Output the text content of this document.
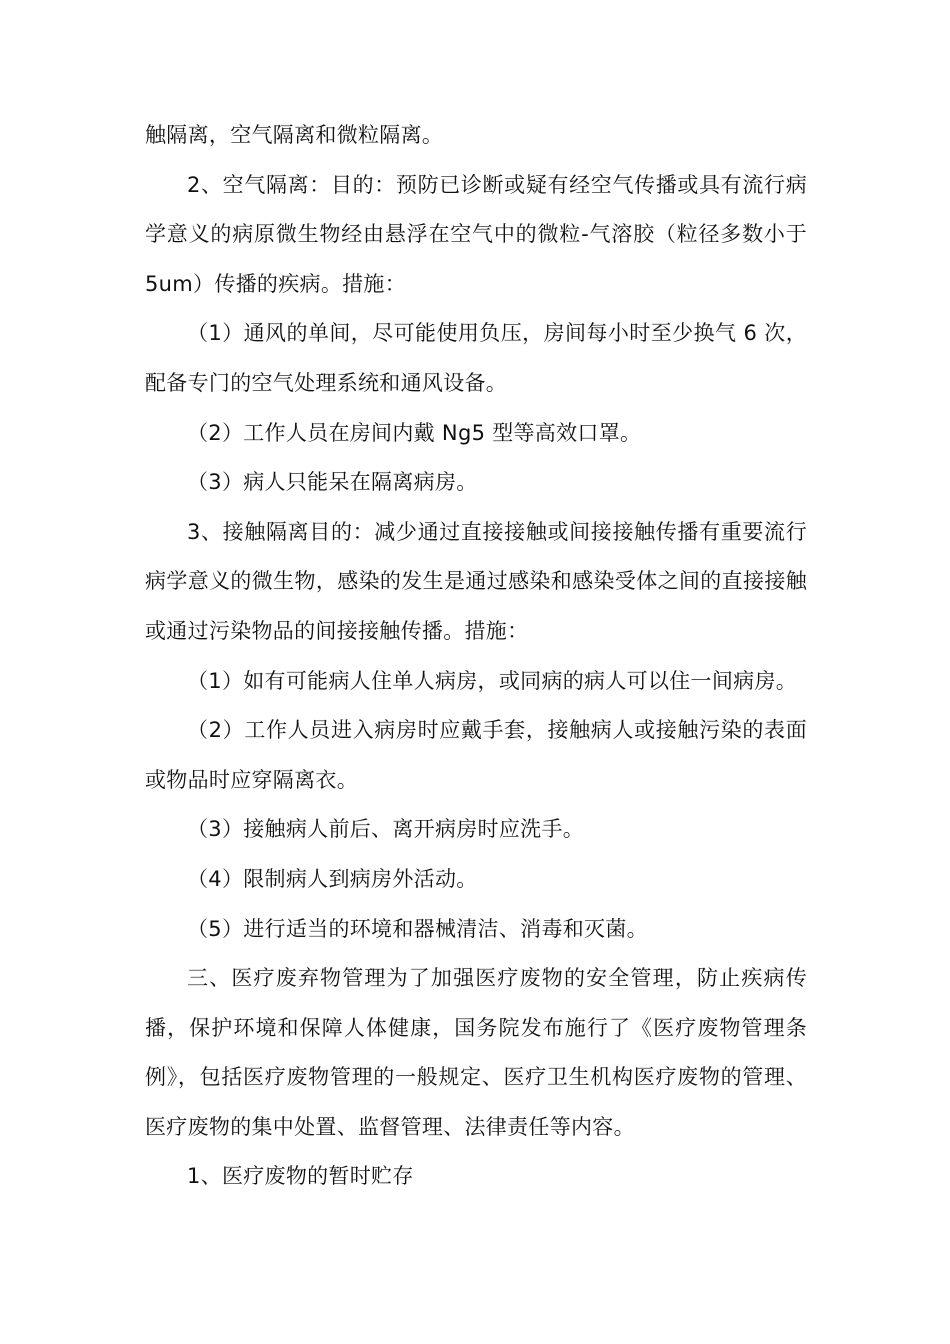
触隔离，空气隔离和微粒隔离。

2、空气隔离：目的：预防已诊断或疑有经空气传播或具有流行病学意义的病原微生物经由悬浮在空气中的微粒-气溶胶（粒径多数小于 5um）传播的疾病。措施：

（1）通风的单间，尽可能使用负压，房间每小时至少换气 6 次，配备专门的空气处理系统和通风设备。

（2）工作人员在房间内戴 Ng5 型等高效口罩。

（3）病人只能呆在隔离病房。

3、接触隔离目的：减少通过直接接触或间接接触传播有重要流行病学意义的微生物，感染的发生是通过感染和感染受体之间的直接接触或通过污染物品的间接接触传播。措施：

（1）如有可能病人住单人病房，或同病的病人可以住一间病房。

（2）工作人员进入病房时应戴手套，接触病人或接触污染的表面或物品时应穿隔离衣。

（3）接触病人前后、离开病房时应洗手。

（4）限制病人到病房外活动。

（5）进行适当的环境和器械清洁、消毒和灭菌。

三、医疗废弃物管理为了加强医疗废物的安全管理，防止疾病传播，保护环境和保障人体健康，国务院发布施行了《医疗废物管理条例》，包括医疗废物管理的一般规定、医疗卫生机构医疗废物的管理、医疗废物的集中处置、监督管理、法律责任等内容。

1、医疗废物的暂时贮存
